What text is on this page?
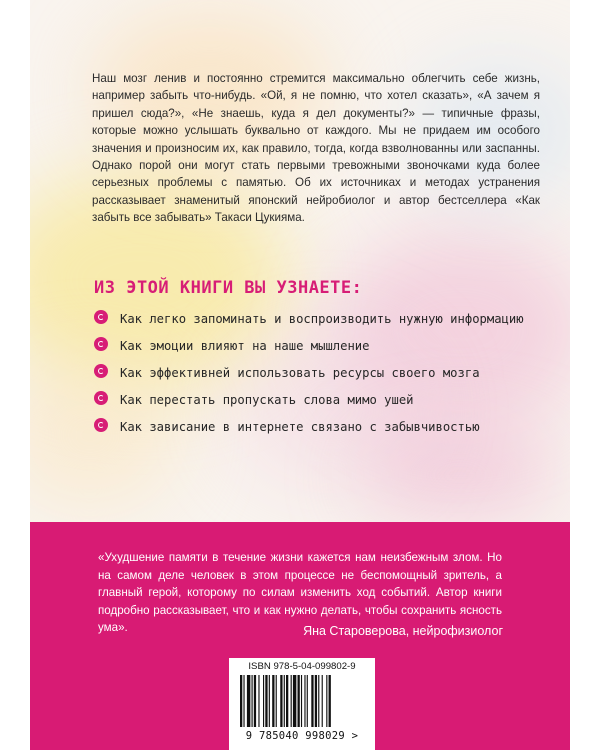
Наш мозг ленив и постоянно стремится максимально облегчить себе жизнь, например забыть что-нибудь. «Ой, я не помню, что хотел сказать», «А зачем я пришел сюда?», «Не знаешь, куда я дел документы?» — типичные фразы, которые можно услышать буквально от каждого. Мы не придаем им особого значения и произносим их, как правило, тогда, когда взволнованны или заспанны. Однако порой они могут стать первыми тревожными звоночками куда более серьезных проблемы с памятью. Об их источниках и методах устранения рассказывает знаменитый японский нейробиолог и автор бестселлера «Как забыть все забывать» Такаси Цукияма.

ИЗ ЭТОЙ КНИГИ ВЫ УЗНАЕТЕ:
Как легко запоминать и воспроизводить нужную информацию
Как эмоции влияют на наше мышление
Как эффективней использовать ресурсы своего мозга
Как перестать пропускать слова мимо ушей
Как зависание в интернете связано с забывчивостью

«Ухудшение памяти в течение жизни кажется нам неизбежным злом. Но на самом деле человек в этом процессе не беспомощный зритель, а главный герой, которому по силам изменить ход событий. Автор книги подробно рассказывает, что и как нужно делать, чтобы сохранить ясность ума».	Яна Староверова, нейрофизиолог

ISBN 978-5-04-099802-9
9 785040 998029 >
